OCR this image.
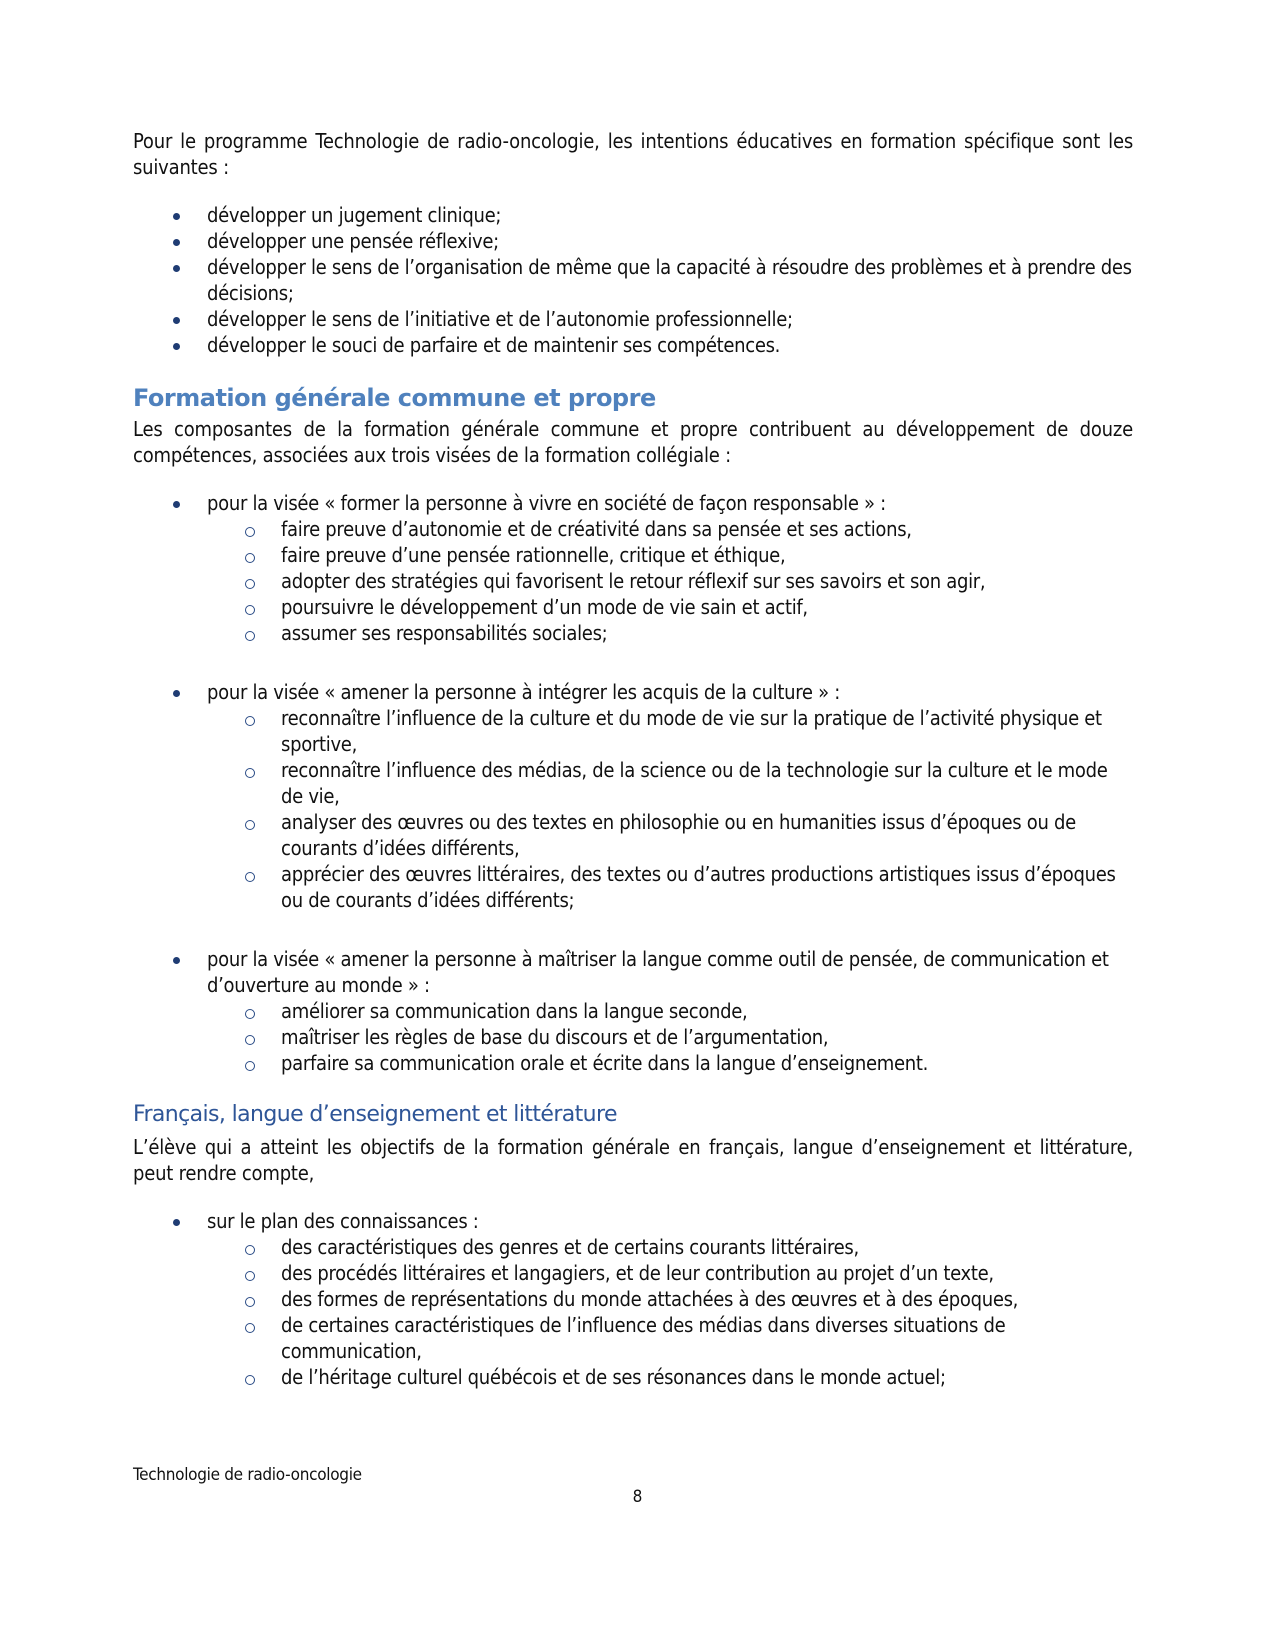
Pour le programme Technologie de radio-oncologie, les intentions éducatives en formation spécifique sont les suivantes :

développer un jugement clinique;
développer une pensée réflexive;
développer le sens de l’organisation de même que la capacité à résoudre des problèmes et à prendre des décisions;
développer le sens de l’initiative et de l’autonomie professionnelle;
développer le souci de parfaire et de maintenir ses compétences.
Formation générale commune et propre

Les composantes de la formation générale commune et propre contribuent au développement de douze compétences, associées aux trois visées de la formation collégiale :

pour la visée « former la personne à vivre en société de façon responsable » :
faire preuve d’autonomie et de créativité dans sa pensée et ses actions,
faire preuve d’une pensée rationnelle, critique et éthique,
adopter des stratégies qui favorisent le retour réflexif sur ses savoirs et son agir,
poursuivre le développement d’un mode de vie sain et actif,
assumer ses responsabilités sociales;
pour la visée « amener la personne à intégrer les acquis de la culture » :
reconnaître l’influence de la culture et du mode de vie sur la pratique de l’activité physique et sportive,
reconnaître l’influence des médias, de la science ou de la technologie sur la culture et le mode de vie,
analyser des œuvres ou des textes en philosophie ou en humanities issus d’époques ou de courants d’idées différents,
apprécier des œuvres littéraires, des textes ou d’autres productions artistiques issus d’époques ou de courants d’idées différents;
pour la visée « amener la personne à maîtriser la langue comme outil de pensée, de communication et d’ouverture au monde » :
améliorer sa communication dans la langue seconde,
maîtriser les règles de base du discours et de l’argumentation,
parfaire sa communication orale et écrite dans la langue d’enseignement.
Français, langue d’enseignement et littérature

L’élève qui a atteint les objectifs de la formation générale en français, langue d’enseignement et littérature, peut rendre compte,

sur le plan des connaissances :
des caractéristiques des genres et de certains courants littéraires,
des procédés littéraires et langagiers, et de leur contribution au projet d’un texte,
des formes de représentations du monde attachées à des œuvres et à des époques,
de certaines caractéristiques de l’influence des médias dans diverses situations de communication,
de l’héritage culturel québécois et de ses résonances dans le monde actuel;
Technologie de radio-oncologie
8
